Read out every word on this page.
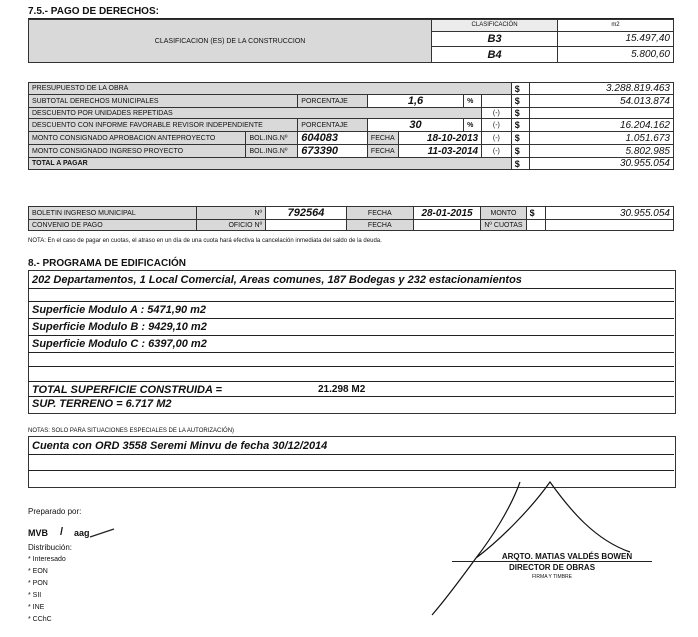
7.5.- PAGO DE DERECHOS:
CLASIFICACION (ES) DE LA CONSTRUCCION	CLASIFICACIÓN	m2
	B3	15.497,40
	B4	5.800,60
PRESUPUESTO DE LA OBRA							$	3.288.819.463
SUBTOTAL DERECHOS MUNICIPALES		PORCENTAJE	1,6		%		$	54.013.874
DESCUENTO POR UNIDADES REPETIDAS						(-)	$	
DESCUENTO CON INFORME FAVORABLE REVISOR INDEPENDIENTE		PORCENTAJE	30		%	(-)	$	16.204.162
MONTO CONSIGNADO APROBACION ANTEPROYECTO	BOL.ING.Nº	604083	FECHA	18-10-2013		(-)	$	1.051.673
MONTO CONSIGNADO INGRESO PROYECTO	BOL.ING.Nº	673390	FECHA	11-03-2014		(-)	$	5.802.985
TOTAL A PAGAR							$	30.955.054
BOLETIN INGRESO MUNICIPAL	Nº	792564	FECHA	28-01-2015	MONTO	$	30.955.054
CONVENIO DE PAGO	OFICIO Nº		FECHA		Nº CUOTAS		
NOTA: En el caso de pagar en cuotas, el atraso en un día de una cuota hará efectiva la cancelación inmediata del saldo de la deuda.
8.- PROGRAMA DE EDIFICACIÓN
202 Departamentos, 1 Local Comercial, Areas comunes, 187 Bodegas y 232 estacionamientos
Superficie Modulo A : 5471,90 m2
Superficie Modulo B : 9429,10 m2
Superficie Modulo C : 6397,00 m2
TOTAL SUPERFICIE CONSTRUIDA =	21.298 M2
SUP. TERRENO = 6.717 M2
NOTAS: SOLO PARA SITUACIONES ESPECIALES DE LA AUTORIZACIÓN)
Cuenta con ORD 3558 Seremi Minvu de fecha 30/12/2014
Preparado por:
MVB / aag
Distribución:
* Interesado
* EON
* PON
* SII
* INE
* CChC
ARQTO. MATIAS VALDÉS BOWEN
DIRECTOR DE OBRAS
FIRMA Y TIMBRE
